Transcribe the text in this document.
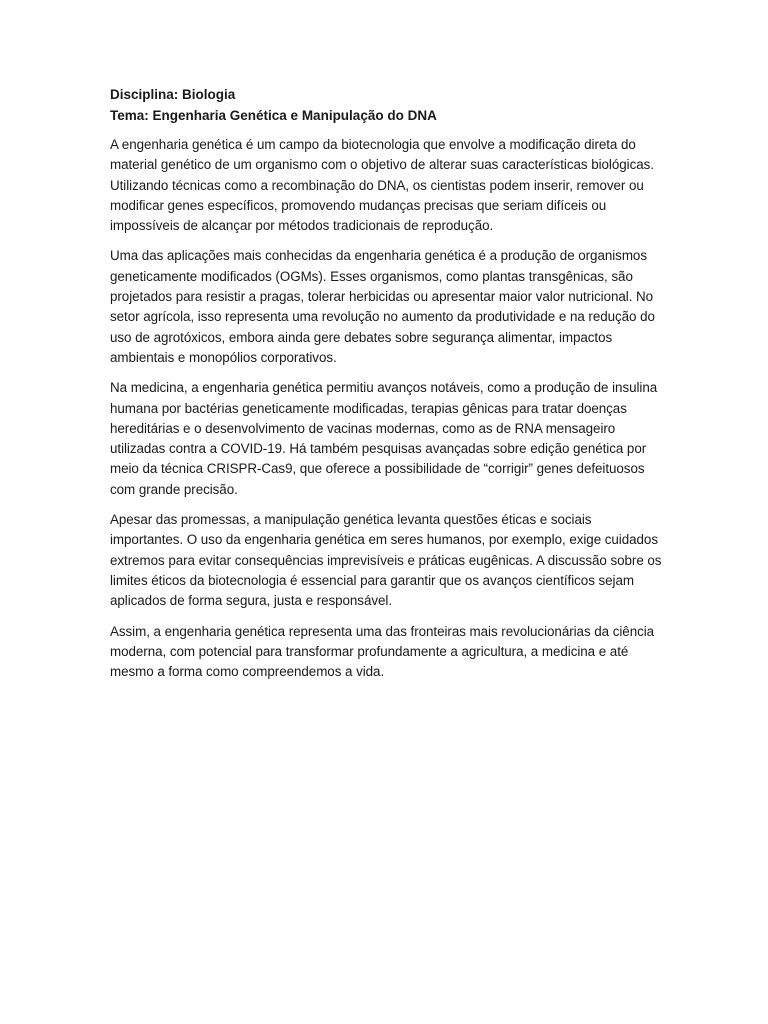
Disciplina: Biologia
Tema: Engenharia Genética e Manipulação do DNA

A engenharia genética é um campo da biotecnologia que envolve a modificação direta do material genético de um organismo com o objetivo de alterar suas características biológicas. Utilizando técnicas como a recombinação do DNA, os cientistas podem inserir, remover ou modificar genes específicos, promovendo mudanças precisas que seriam difíceis ou impossíveis de alcançar por métodos tradicionais de reprodução.

Uma das aplicações mais conhecidas da engenharia genética é a produção de organismos geneticamente modificados (OGMs). Esses organismos, como plantas transgênicas, são projetados para resistir a pragas, tolerar herbicidas ou apresentar maior valor nutricional. No setor agrícola, isso representa uma revolução no aumento da produtividade e na redução do uso de agrotóxicos, embora ainda gere debates sobre segurança alimentar, impactos ambientais e monopólios corporativos.

Na medicina, a engenharia genética permitiu avanços notáveis, como a produção de insulina humana por bactérias geneticamente modificadas, terapias gênicas para tratar doenças hereditárias e o desenvolvimento de vacinas modernas, como as de RNA mensageiro utilizadas contra a COVID-19. Há também pesquisas avançadas sobre edição genética por meio da técnica CRISPR-Cas9, que oferece a possibilidade de “corrigir” genes defeituosos com grande precisão.

Apesar das promessas, a manipulação genética levanta questões éticas e sociais importantes. O uso da engenharia genética em seres humanos, por exemplo, exige cuidados extremos para evitar consequências imprevisíveis e práticas eugênicas. A discussão sobre os limites éticos da biotecnologia é essencial para garantir que os avanços científicos sejam aplicados de forma segura, justa e responsável.

Assim, a engenharia genética representa uma das fronteiras mais revolucionárias da ciência moderna, com potencial para transformar profundamente a agricultura, a medicina e até mesmo a forma como compreendemos a vida.
